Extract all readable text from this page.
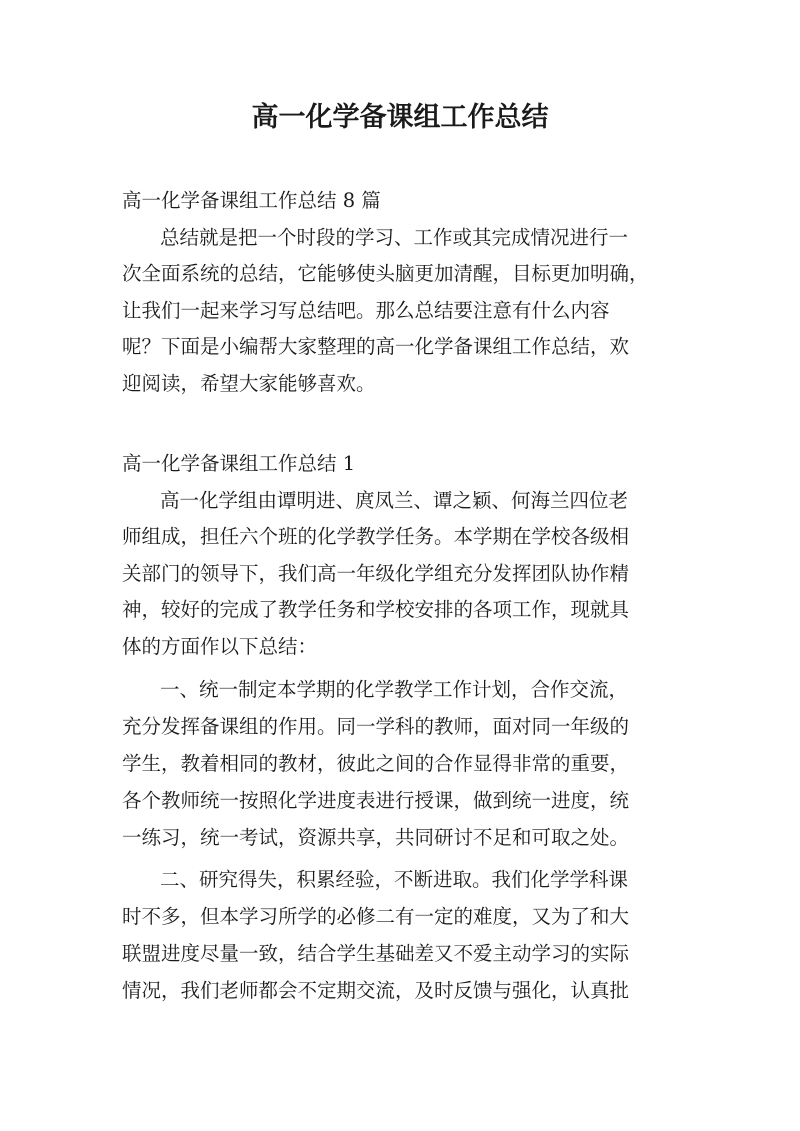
高一化学备课组工作总结

高一化学备课组工作总结 8 篇

总结就是把一个时段的学习、工作或其完成情况进行一

次全面系统的总结，它能够使头脑更加清醒，目标更加明确，

让我们一起来学习写总结吧。那么总结要注意有什么内容

呢？下面是小编帮大家整理的高一化学备课组工作总结，欢

迎阅读，希望大家能够喜欢。

高一化学备课组工作总结 1

高一化学组由谭明进、庹凤兰、谭之颖、何海兰四位老

师组成，担任六个班的化学教学任务。本学期在学校各级相

关部门的领导下，我们高一年级化学组充分发挥团队协作精

神，较好的完成了教学任务和学校安排的各项工作，现就具

体的方面作以下总结：

一、统一制定本学期的化学教学工作计划，合作交流，

充分发挥备课组的作用。同一学科的教师，面对同一年级的

学生，教着相同的教材，彼此之间的合作显得非常的重要，

各个教师统一按照化学进度表进行授课，做到统一进度，统

一练习，统一考试，资源共享，共同研讨不足和可取之处。

二、研究得失，积累经验，不断进取。我们化学学科课

时不多，但本学习所学的必修二有一定的难度，又为了和大

联盟进度尽量一致，结合学生基础差又不爱主动学习的实际

情况，我们老师都会不定期交流，及时反馈与强化，认真批
